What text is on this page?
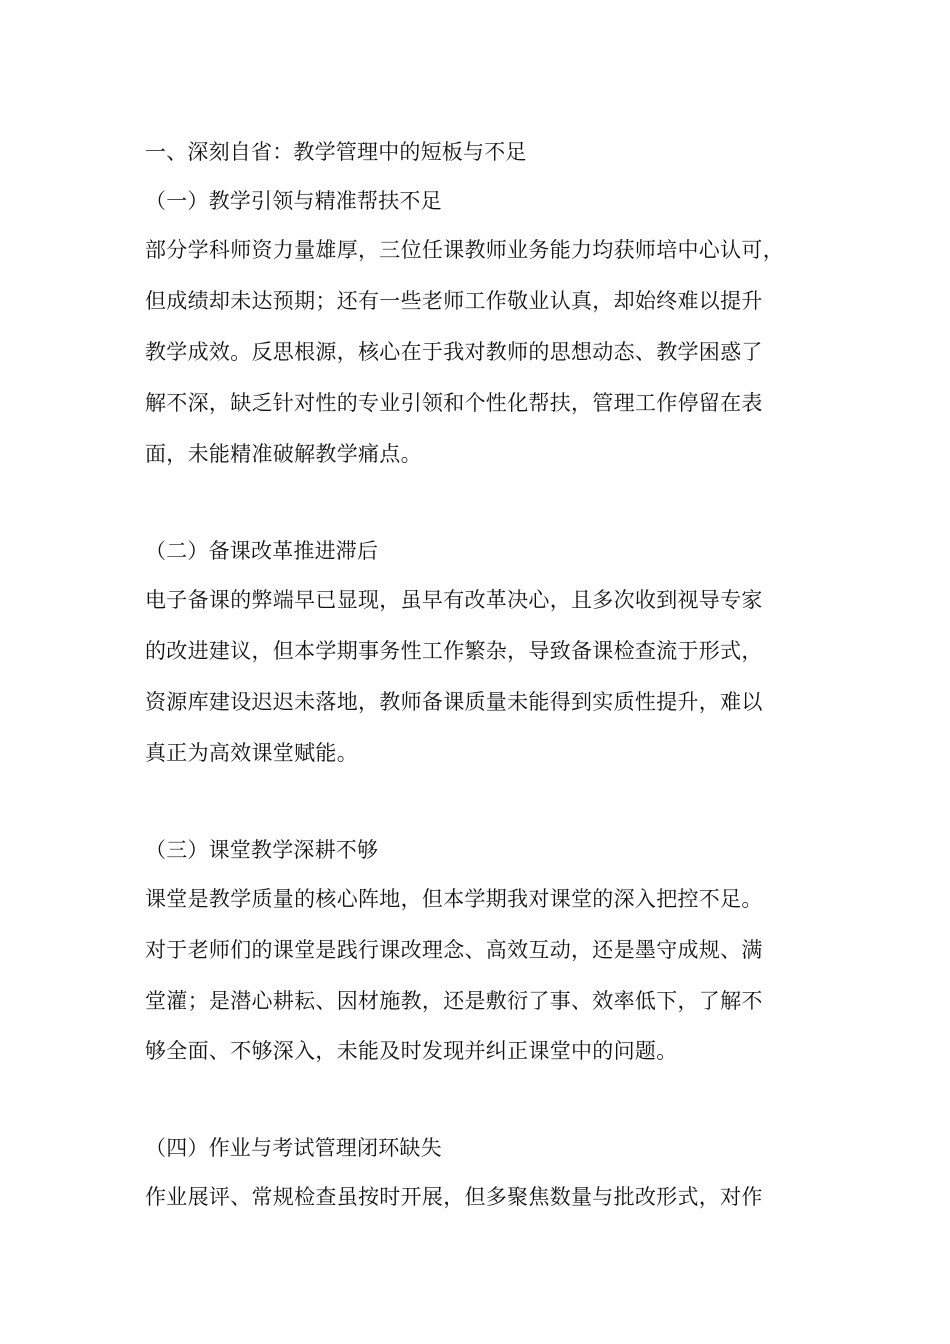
一、深刻自省：教学管理中的短板与不足
（一）教学引领与精准帮扶不足
部分学科师资力量雄厚，三位任课教师业务能力均获师培中心认可，
但成绩却未达预期；还有一些老师工作敬业认真，却始终难以提升
教学成效。反思根源，核心在于我对教师的思想动态、教学困惑了
解不深，缺乏针对性的专业引领和个性化帮扶，管理工作停留在表
面，未能精准破解教学痛点。
（二）备课改革推进滞后
电子备课的弊端早已显现，虽早有改革决心，且多次收到视导专家
的改进建议，但本学期事务性工作繁杂，导致备课检查流于形式，
资源库建设迟迟未落地，教师备课质量未能得到实质性提升，难以
真正为高效课堂赋能。
（三）课堂教学深耕不够
课堂是教学质量的核心阵地，但本学期我对课堂的深入把控不足。
对于老师们的课堂是践行课改理念、高效互动，还是墨守成规、满
堂灌；是潜心耕耘、因材施教，还是敷衍了事、效率低下，了解不
够全面、不够深入，未能及时发现并纠正课堂中的问题。
（四）作业与考试管理闭环缺失
作业展评、常规检查虽按时开展，但多聚焦数量与批改形式，对作
